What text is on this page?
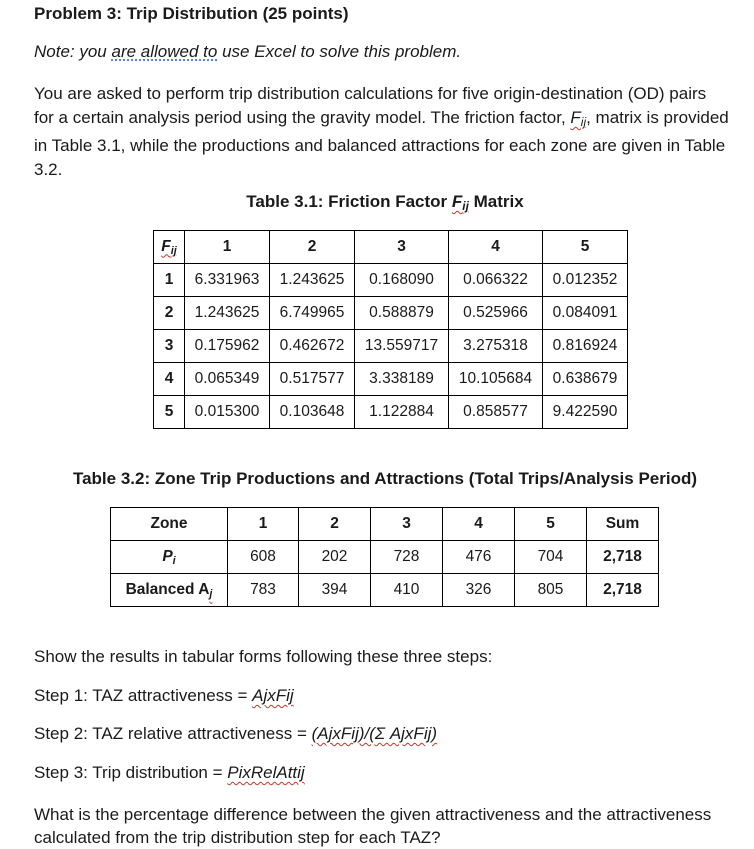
Problem 3: Trip Distribution (25 points)
Note: you are allowed to use Excel to solve this problem.
You are asked to perform trip distribution calculations for five origin-destination (OD) pairs for a certain analysis period using the gravity model. The friction factor, $F_{ij}$, matrix is provided in Table 3.1, while the productions and balanced attractions for each zone are given in Table 3.2.
Table 3.1: Friction Factor $F_{ij}$ Matrix
$F_{ij}$	1	2	3	4	5
1	6.331963	1.243625	0.168090	0.066322	0.012352
2	1.243625	6.749965	0.588879	0.525966	0.084091
3	0.175962	0.462672	13.559717	3.275318	0.816924
4	0.065349	0.517577	3.338189	10.105684	0.638679
5	0.015300	0.103648	1.122884	0.858577	9.422590
Table 3.2: Zone Trip Productions and Attractions (Total Trips/Analysis Period)
Zone	1	2	3	4	5	Sum
$P_i$	608	202	728	476	704	2,718
Balanced $A_j$	783	394	410	326	805	2,718
Show the results in tabular forms following these three steps:
Step 1: TAZ attractiveness = AjxFij
Step 2: TAZ relative attractiveness = (AjxFij)/(Σ AjxFij)
Step 3: Trip distribution = PixRelAttij
What is the percentage difference between the given attractiveness and the attractiveness calculated from the trip distribution step for each TAZ?
